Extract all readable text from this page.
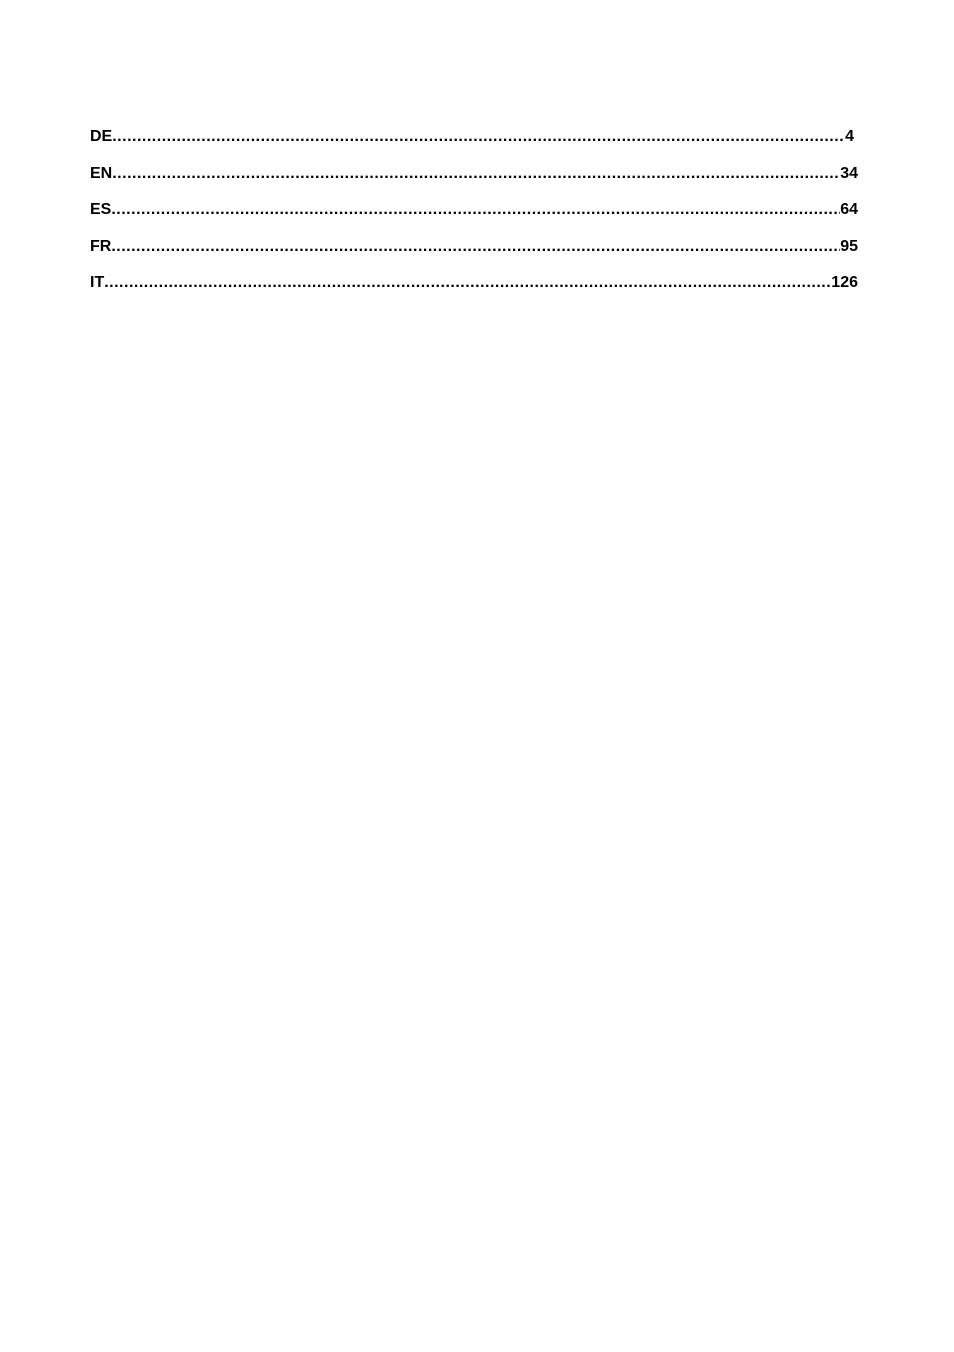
DE .....	4
EN .....	34
ES .....	64
FR .....	95
IT .....	126
